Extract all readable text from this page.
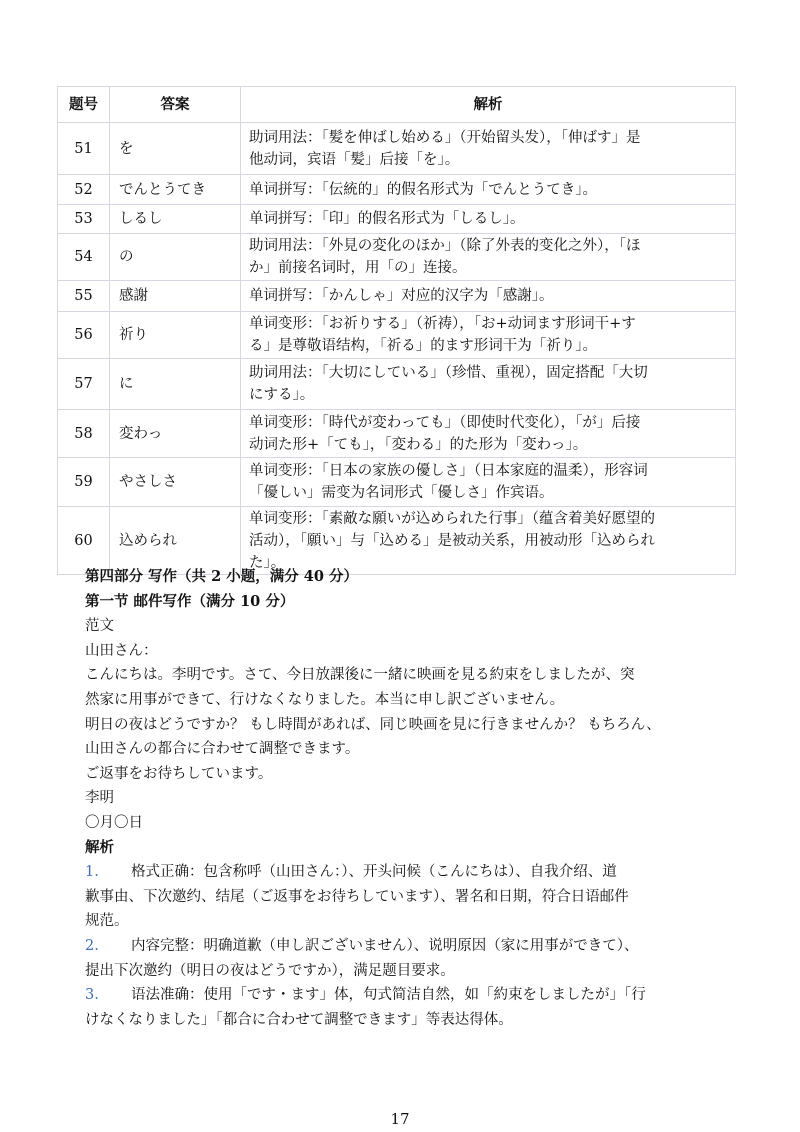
题号	答案	解析
51	を	助词用法：「髪を伸ばし始める」（开始留头发），「伸ばす」是
他动词，宾语「髪」后接「を」。

52	でんとうてき	单词拼写：「伝統的」的假名形式为「でんとうてき」。

53	しるし	单词拼写：「印」的假名形式为「しるし」。

54	の	助词用法：「外見の変化のほか」（除了外表的变化之外），「ほ
か」前接名词时，用「の」连接。

55	感謝	单词拼写：「かんしゃ」对应的汉字为「感謝」。

56	祈り	单词变形：「お祈りする」（祈祷），「お+动词ます形词干+す
る」是尊敬语结构，「祈る」的ます形词干为「祈り」。

57	に	助词用法：「大切にしている」（珍惜、重视），固定搭配「大切
にする」。

58	変わっ	单词变形：「時代が変わっても」（即使时代变化），「が」后接
动词た形+「ても」，「変わる」的た形为「変わっ」。

59	やさしさ	单词变形：「日本の家族の優しさ」（日本家庭的温柔），形容词
「優しい」需变为名词形式「優しさ」作宾语。

60	込められ	单词变形：「素敵な願いが込められた行事」（蕴含着美好愿望的
活动），「願い」与「込める」是被动关系，用被动形「込められ
た」。

第四部分 写作（共 2 小题，满分 40 分）

第一节 邮件写作（满分 10 分）

范文

山田さん：

こんにちは。李明です。さて、今日放課後に一緒に映画を見る約束をしましたが、突

然家に用事ができて、行けなくなりました。本当に申し訳ございません。

明日の夜はどうですか？ もし時間があれば、同じ映画を見に行きませんか？ もちろん、

山田さんの都合に合わせて調整できます。

ご返事をお待ちしています。

李明

〇月〇日

解析

1. 格式正确：包含称呼（山田さん：）、开头问候（こんにちは）、自我介绍、道

歉事由、下次邀约、结尾（ご返事をお待ちしています）、署名和日期，符合日语邮件

规范。

2. 内容完整：明确道歉（申し訳ございません）、说明原因（家に用事ができて）、

提出下次邀约（明日の夜はどうですか），满足题目要求。

3. 语法准确：使用「です・ます」体，句式简洁自然，如「約束をしましたが」「行

けなくなりました」「都合に合わせて調整できます」等表达得体。

17
